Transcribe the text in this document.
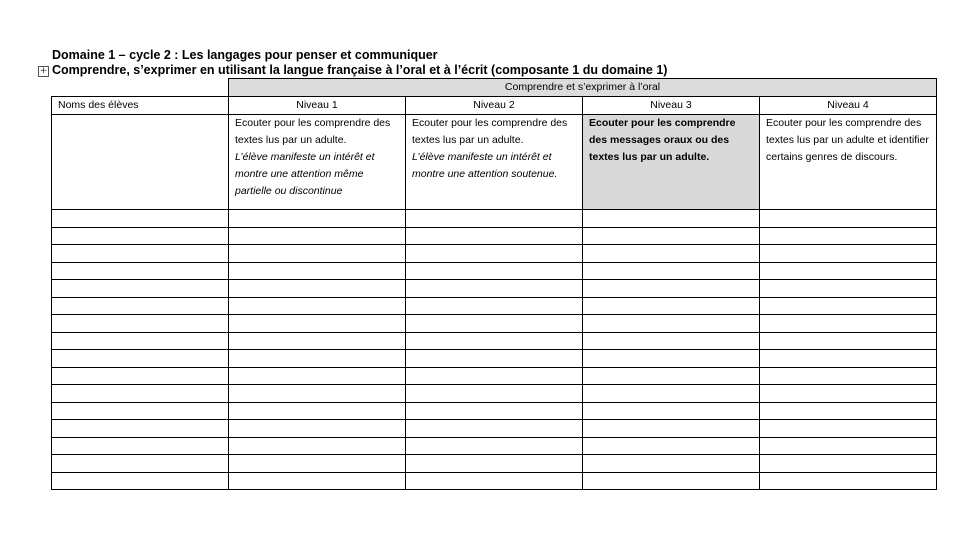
Domaine 1 – cycle 2 : Les langages pour penser et communiquer
+ Comprendre, s’exprimer en utilisant la langue française à l’oral et à l’écrit (composante 1 du domaine 1)
	Comprendre et s’exprimer à l’oral			
Noms des élèves	Niveau 1	Niveau 2	Niveau 3	Niveau 4

	Ecouter pour les comprendre des textes lus par un adulte.
L’élève manifeste un intérêt et montre une attention même partielle ou discontinue	Ecouter pour les comprendre des textes lus par un adulte.
L’élève manifeste un intérêt et montre une attention soutenue.	Ecouter pour les comprendre des messages oraux ou des textes lus par un adulte.	Ecouter pour les comprendre des textes lus par un adulte et identifier certains genres de discours.
